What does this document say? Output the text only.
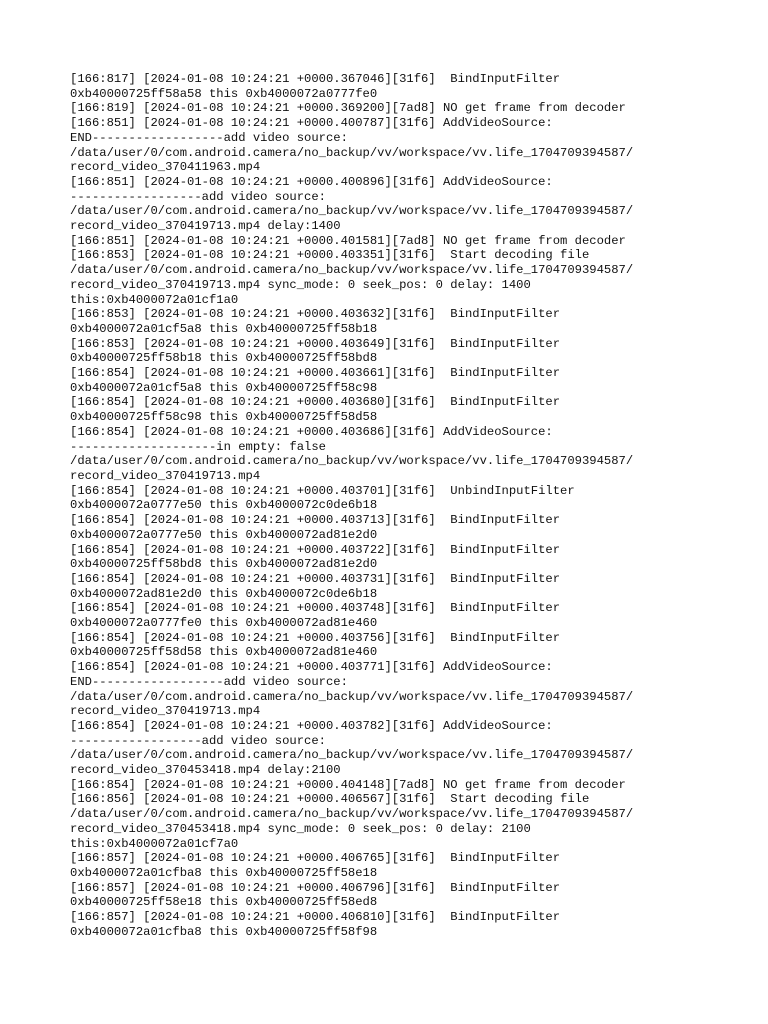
[166:817] [2024-01-08 10:24:21 +0000.367046][31f6]  BindInputFilter
0xb40000725ff58a58 this 0xb4000072a0777fe0
[166:819] [2024-01-08 10:24:21 +0000.369200][7ad8] NO get frame from decoder
[166:851] [2024-01-08 10:24:21 +0000.400787][31f6] AddVideoSource:
END------------------add video source:
/data/user/0/com.android.camera/no_backup/vv/workspace/vv.life_1704709394587/
record_video_370411963.mp4
[166:851] [2024-01-08 10:24:21 +0000.400896][31f6] AddVideoSource:
------------------add video source:
/data/user/0/com.android.camera/no_backup/vv/workspace/vv.life_1704709394587/
record_video_370419713.mp4 delay:1400
[166:851] [2024-01-08 10:24:21 +0000.401581][7ad8] NO get frame from decoder
[166:853] [2024-01-08 10:24:21 +0000.403351][31f6]  Start decoding file
/data/user/0/com.android.camera/no_backup/vv/workspace/vv.life_1704709394587/
record_video_370419713.mp4 sync_mode: 0 seek_pos: 0 delay: 1400
this:0xb4000072a01cf1a0
[166:853] [2024-01-08 10:24:21 +0000.403632][31f6]  BindInputFilter
0xb4000072a01cf5a8 this 0xb40000725ff58b18
[166:853] [2024-01-08 10:24:21 +0000.403649][31f6]  BindInputFilter
0xb40000725ff58b18 this 0xb40000725ff58bd8
[166:854] [2024-01-08 10:24:21 +0000.403661][31f6]  BindInputFilter
0xb4000072a01cf5a8 this 0xb40000725ff58c98
[166:854] [2024-01-08 10:24:21 +0000.403680][31f6]  BindInputFilter
0xb40000725ff58c98 this 0xb40000725ff58d58
[166:854] [2024-01-08 10:24:21 +0000.403686][31f6] AddVideoSource:
--------------------in empty: false
/data/user/0/com.android.camera/no_backup/vv/workspace/vv.life_1704709394587/
record_video_370419713.mp4
[166:854] [2024-01-08 10:24:21 +0000.403701][31f6]  UnbindInputFilter
0xb4000072a0777e50 this 0xb4000072c0de6b18
[166:854] [2024-01-08 10:24:21 +0000.403713][31f6]  BindInputFilter
0xb4000072a0777e50 this 0xb4000072ad81e2d0
[166:854] [2024-01-08 10:24:21 +0000.403722][31f6]  BindInputFilter
0xb40000725ff58bd8 this 0xb4000072ad81e2d0
[166:854] [2024-01-08 10:24:21 +0000.403731][31f6]  BindInputFilter
0xb4000072ad81e2d0 this 0xb4000072c0de6b18
[166:854] [2024-01-08 10:24:21 +0000.403748][31f6]  BindInputFilter
0xb4000072a0777fe0 this 0xb4000072ad81e460
[166:854] [2024-01-08 10:24:21 +0000.403756][31f6]  BindInputFilter
0xb40000725ff58d58 this 0xb4000072ad81e460
[166:854] [2024-01-08 10:24:21 +0000.403771][31f6] AddVideoSource:
END------------------add video source:
/data/user/0/com.android.camera/no_backup/vv/workspace/vv.life_1704709394587/
record_video_370419713.mp4
[166:854] [2024-01-08 10:24:21 +0000.403782][31f6] AddVideoSource:
------------------add video source:
/data/user/0/com.android.camera/no_backup/vv/workspace/vv.life_1704709394587/
record_video_370453418.mp4 delay:2100
[166:854] [2024-01-08 10:24:21 +0000.404148][7ad8] NO get frame from decoder
[166:856] [2024-01-08 10:24:21 +0000.406567][31f6]  Start decoding file
/data/user/0/com.android.camera/no_backup/vv/workspace/vv.life_1704709394587/
record_video_370453418.mp4 sync_mode: 0 seek_pos: 0 delay: 2100
this:0xb4000072a01cf7a0
[166:857] [2024-01-08 10:24:21 +0000.406765][31f6]  BindInputFilter
0xb4000072a01cfba8 this 0xb40000725ff58e18
[166:857] [2024-01-08 10:24:21 +0000.406796][31f6]  BindInputFilter
0xb40000725ff58e18 this 0xb40000725ff58ed8
[166:857] [2024-01-08 10:24:21 +0000.406810][31f6]  BindInputFilter
0xb4000072a01cfba8 this 0xb40000725ff58f98
